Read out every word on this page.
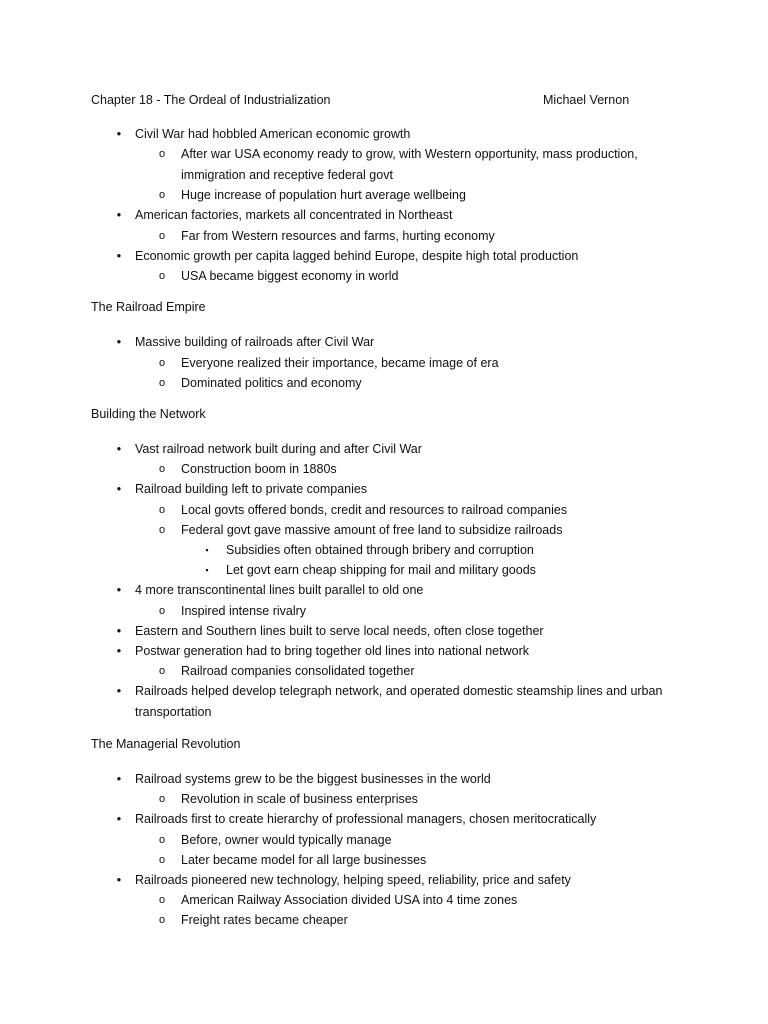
Chapter 18 - The Ordeal of Industrialization	Michael Vernon
•	Civil War had hobbled American economic growth
o After war USA economy ready to grow, with Western opportunity, mass production,
immigration and receptive federal govt
o Huge increase of population hurt average wellbeing
•	American factories, markets all concentrated in Northeast
o Far from Western resources and farms, hurting economy
•	Economic growth per capita lagged behind Europe, despite high total production
o USA became biggest economy in world
The Railroad Empire
•	Massive building of railroads after Civil War
o Everyone realized their importance, became image of era
o Dominated politics and economy
Building the Network
•	Vast railroad network built during and after Civil War
o Construction boom in 1880s
•	Railroad building left to private companies
o Local govts offered bonds, credit and resources to railroad companies
o Federal govt gave massive amount of free land to subsidize railroads
▪	Subsidies often obtained through bribery and corruption
▪	Let govt earn cheap shipping for mail and military goods
•	4 more transcontinental lines built parallel to old one
o Inspired intense rivalry
•	Eastern and Southern lines built to serve local needs, often close together
•	Postwar generation had to bring together old lines into national network
o Railroad companies consolidated together
•	Railroads helped develop telegraph network, and operated domestic steamship lines and urban
transportation
The Managerial Revolution
•	Railroad systems grew to be the biggest businesses in the world
o Revolution in scale of business enterprises
•	Railroads first to create hierarchy of professional managers, chosen meritocratically
o Before, owner would typically manage
o Later became model for all large businesses
•	Railroads pioneered new technology, helping speed, reliability, price and safety
o American Railway Association divided USA into 4 time zones
o Freight rates became cheaper
